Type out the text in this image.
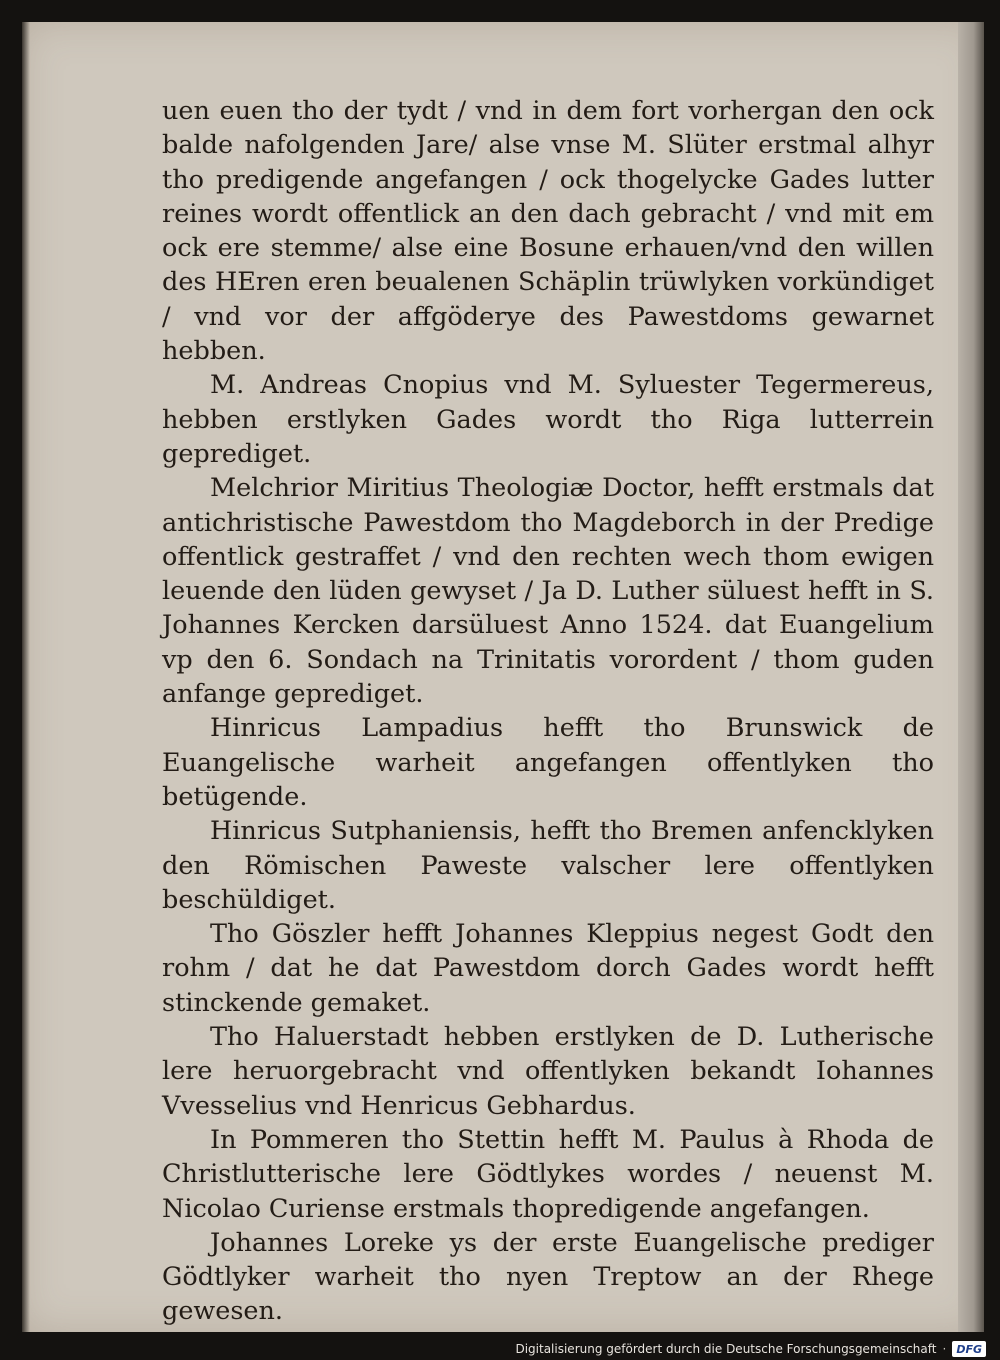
uen euen tho der tydt / vnd in dem fort vorhergan den ock balde nafolgenden Jare/ alse vnse M. Slüter erstmal alhyr tho predigende angefangen / ock thogelycke Gades lutter reines wordt offentlick an den dach gebracht / vnd mit em ock ere stemme/ alse eine Bosune erhauen/vnd den willen des HEren eren beualenen Schäplin trüwlyken vorkündiget / vnd vor der affgöderye des Pawestdoms gewarnet hebben.

M. Andreas Cnopius vnd M. Syluester Tegermereus, hebben erstlyken Gades wordt tho Riga lutterrein geprediget.

Melchrior Miritius Theologiæ Doctor, hefft erstmals dat antichristische Pawestdom tho Magdeborch in der Predige offentlick gestraffet / vnd den rechten wech thom ewigen leuende den lüden gewyset / Ja D. Luther süluest hefft in S. Johannes Kercken darsüluest Anno 1524. dat Euangelium vp den 6. Sondach na Trinitatis vorordent / thom guden anfange geprediget.

Hinricus Lampadius hefft tho Brunswick de Euangelische warheit angefangen offentlyken tho betügende.

Hinricus Sutphaniensis, hefft tho Bremen anfencklyken den Römischen Paweste valscher lere offentlyken beschüldiget.

Tho Göszler hefft Johannes Kleppius negest Godt den rohm / dat he dat Pawestdom dorch Gades wordt hefft stinckende gemaket.

Tho Haluerstadt hebben erstlyken de D. Lutherische lere heruorgebracht vnd offentlyken bekandt Iohannes Vvesselius vnd Henricus Gebhardus.

In Pommeren tho Stettin hefft M. Paulus à Rhoda de Christlutterische lere Gödtlykes wordes / neuenst M. Nicolao Curiense erstmals thopredigende angefangen.

Johannes Loreke ys der erste Euangelische prediger Gödtlyker warheit tho nyen Treptow an der Rhege gewesen.

Digitalisierung gefördert durch die Deutsche Forschungsgemeinschaft · DFG
